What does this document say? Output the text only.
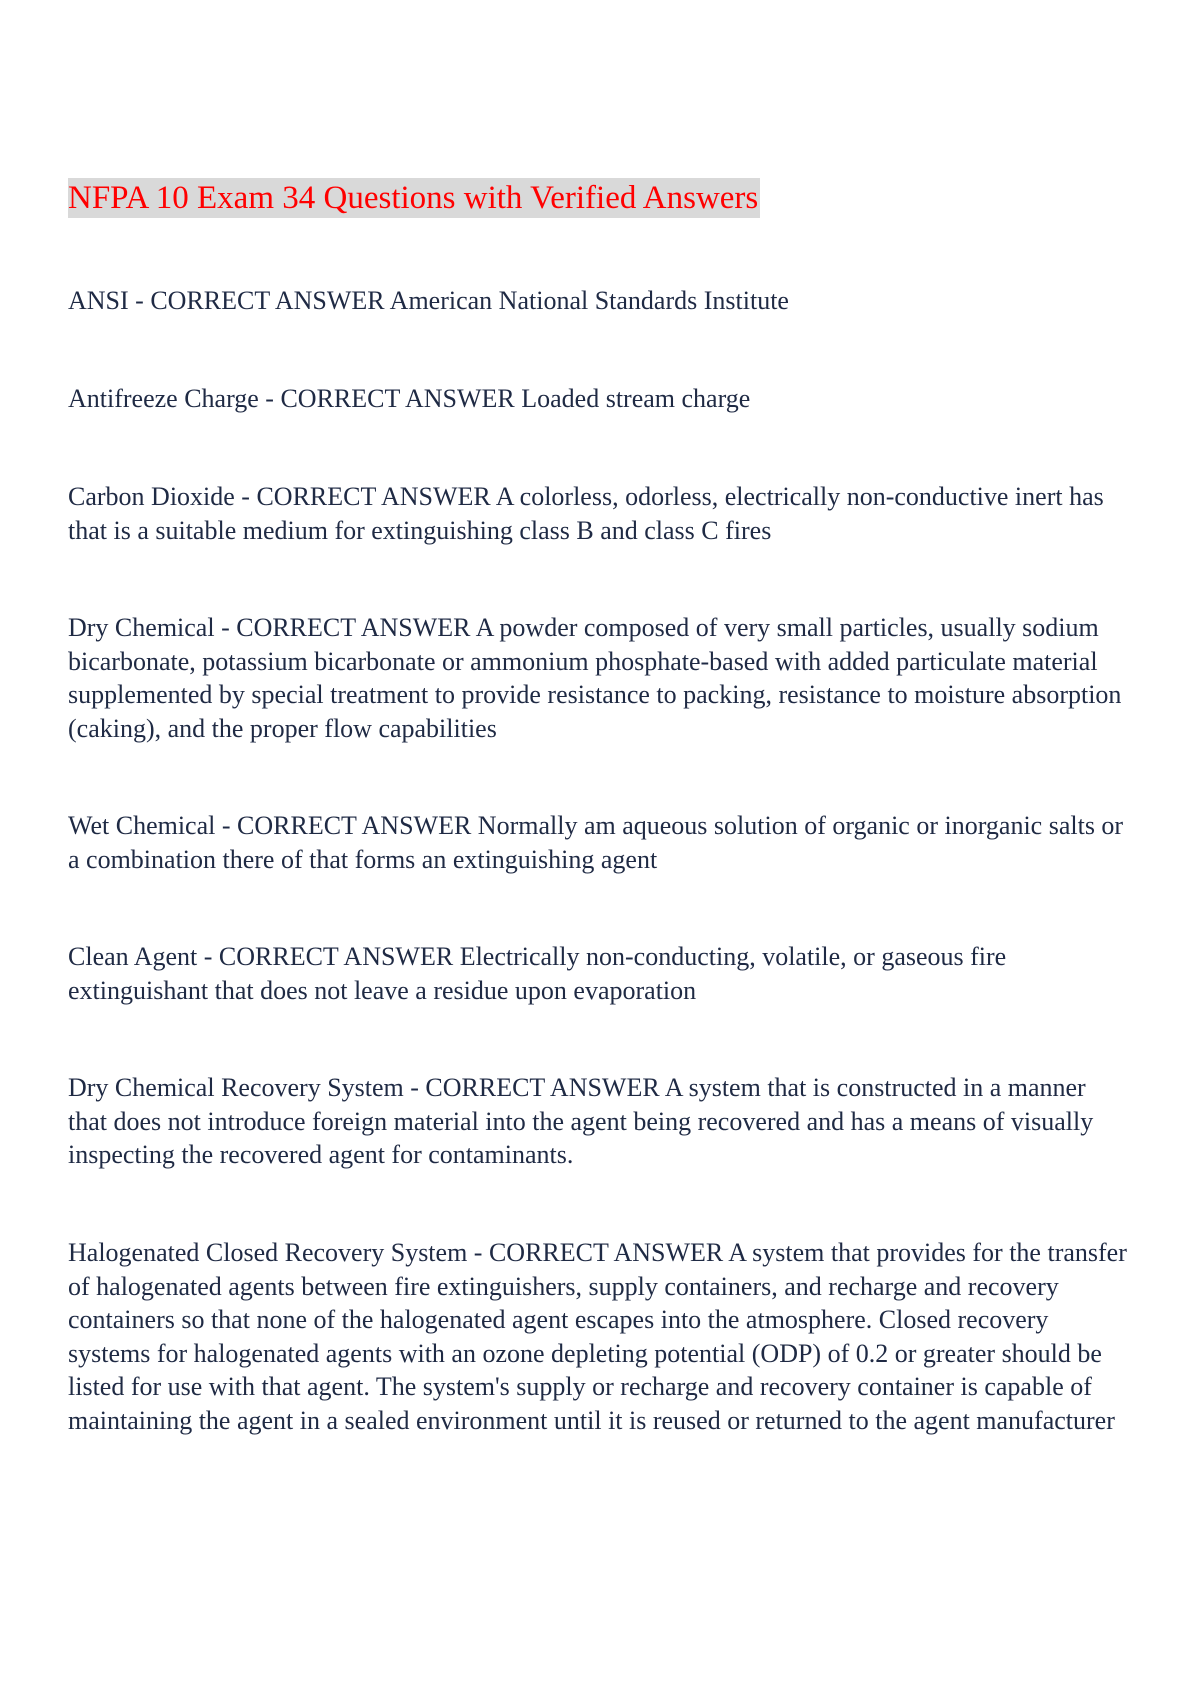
NFPA 10 Exam 34 Questions with Verified Answers

ANSI - CORRECT ANSWER American National Standards Institute

Antifreeze Charge - CORRECT ANSWER Loaded stream charge

Carbon Dioxide - CORRECT ANSWER A colorless, odorless, electrically non-conductive inert has that is a suitable medium for extinguishing class B and class C fires

Dry Chemical - CORRECT ANSWER A powder composed of very small particles, usually sodium bicarbonate, potassium bicarbonate or ammonium phosphate-based with added particulate material supplemented by special treatment to provide resistance to packing, resistance to moisture absorption (caking), and the proper flow capabilities

Wet Chemical - CORRECT ANSWER Normally am aqueous solution of organic or inorganic salts or a combination there of that forms an extinguishing agent

Clean Agent - CORRECT ANSWER Electrically non-conducting, volatile, or gaseous fire extinguishant that does not leave a residue upon evaporation

Dry Chemical Recovery System - CORRECT ANSWER A system that is constructed in a manner that does not introduce foreign material into the agent being recovered and has a means of visually inspecting the recovered agent for contaminants.

Halogenated Closed Recovery System - CORRECT ANSWER A system that provides for the transfer of halogenated agents between fire extinguishers, supply containers, and recharge and recovery containers so that none of the halogenated agent escapes into the atmosphere. Closed recovery systems for halogenated agents with an ozone depleting potential (ODP) of 0.2 or greater should be listed for use with that agent. The system's supply or recharge and recovery container is capable of maintaining the agent in a sealed environment until it is reused or returned to the agent manufacturer
